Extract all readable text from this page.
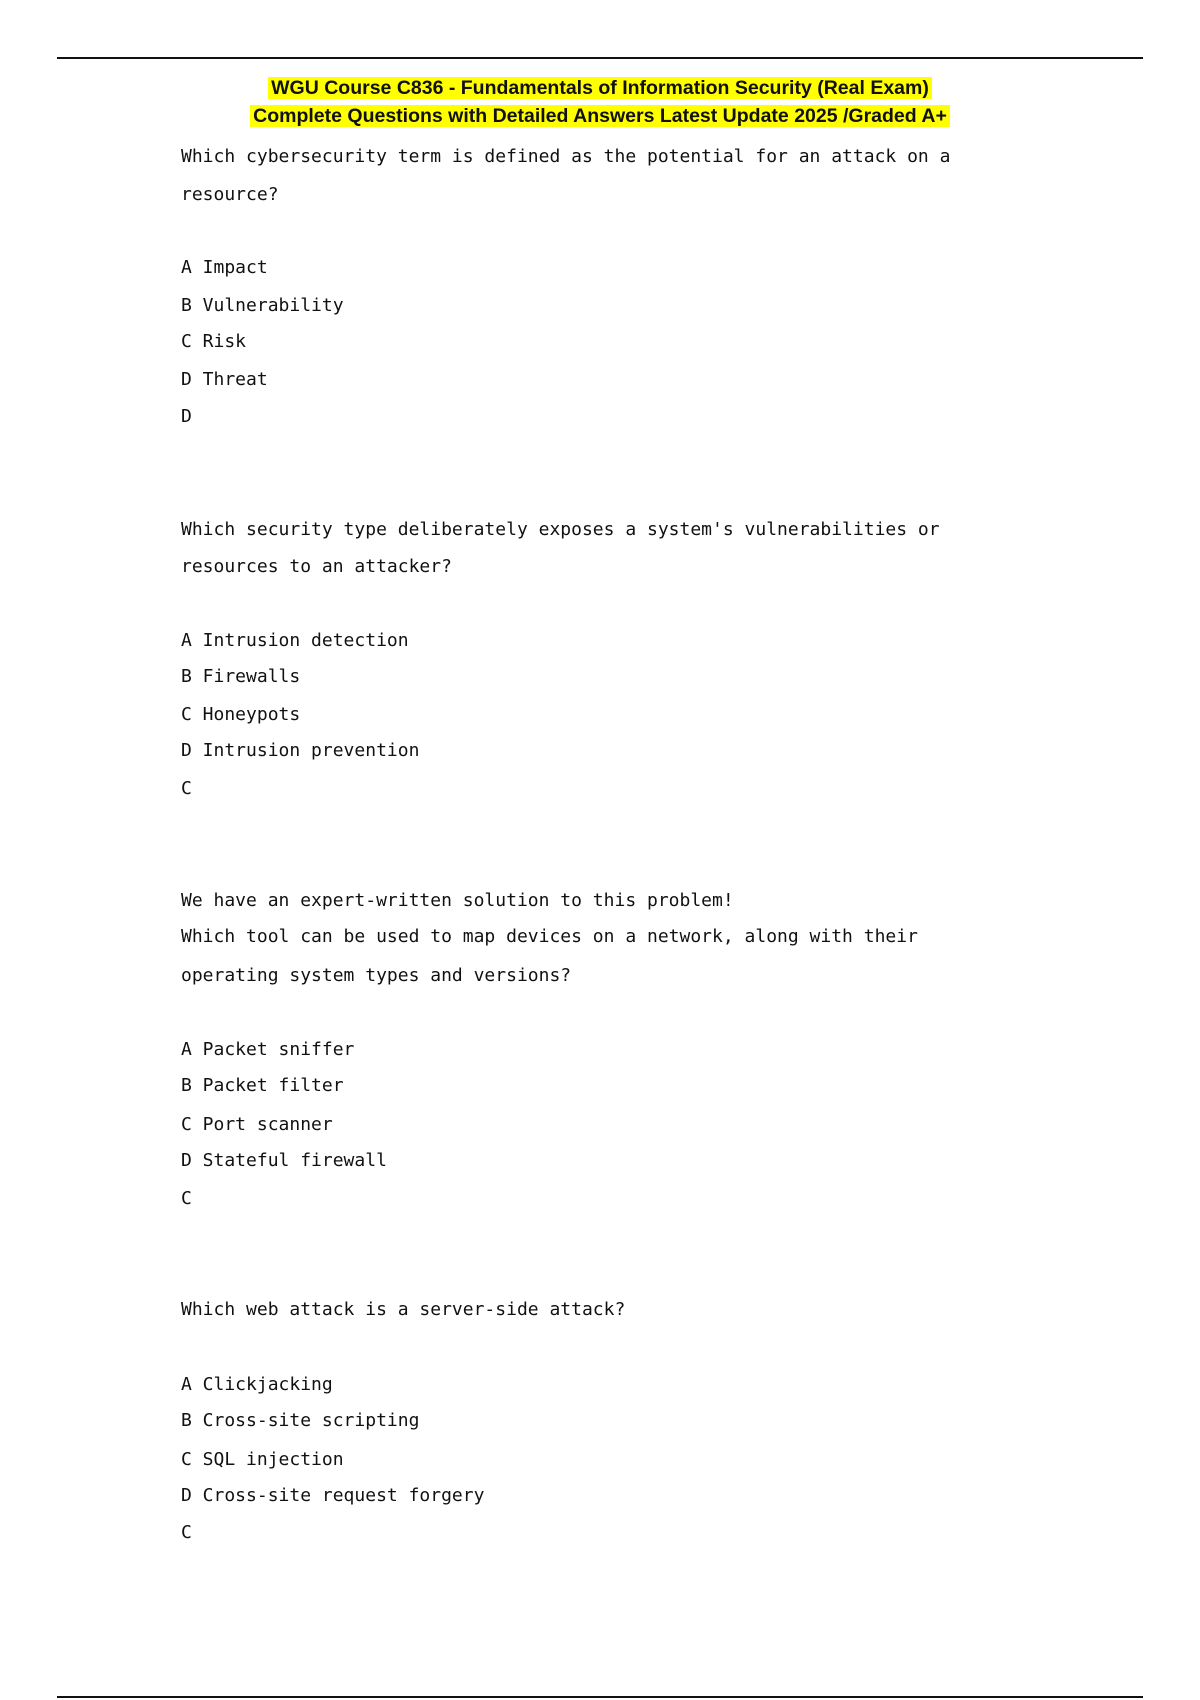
WGU Course C836 - Fundamentals of Information Security (Real Exam)
Complete Questions with Detailed Answers Latest Update 2025 /Graded A+
Which cybersecurity term is defined as the potential for an attack on a
resource?
A Impact
B Vulnerability
C Risk
D Threat
D
Which security type deliberately exposes a system's vulnerabilities or
resources to an attacker?
A Intrusion detection
B Firewalls
C Honeypots
D Intrusion prevention
C
We have an expert-written solution to this problem!
Which tool can be used to map devices on a network, along with their
operating system types and versions?
A Packet sniffer
B Packet filter
C Port scanner
D Stateful firewall
C
Which web attack is a server-side attack?
A Clickjacking
B Cross-site scripting
C SQL injection
D Cross-site request forgery
C
